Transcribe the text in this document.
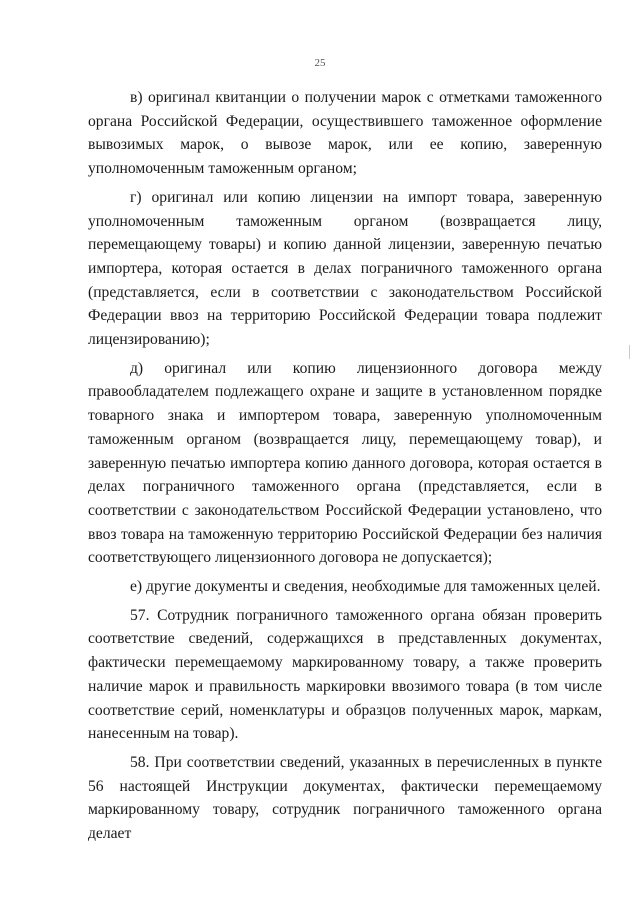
25

в) оригинал квитанции о получении марок с отметками таможенного органа Российской Федерации, осуществившего таможенное оформление вывозимых марок, о вывозе марок, или ее копию, заверенную уполномоченным таможенным органом;

г) оригинал или копию лицензии на импорт товара, заверенную уполномоченным таможенным органом (возвращается лицу, перемещающему товары) и копию данной лицензии, заверенную печатью импортера, которая остается в делах пограничного таможенного органа (представляется, если в соответствии с законодательством Российской Федерации ввоз на территорию Российской Федерации товара подлежит лицензированию);

д) оригинал или копию лицензионного договора между правообладателем подлежащего охране и защите в установленном порядке товарного знака и импортером товара, заверенную уполномоченным таможенным органом (возвращается лицу, перемещающему товар), и заверенную печатью импортера копию данного договора, которая остается в делах пограничного таможенного органа (представляется, если в соответствии с законодательством Российской Федерации установлено, что ввоз товара на таможенную территорию Российской Федерации без наличия соответствующего лицензионного договора не допускается);

е) другие документы и сведения, необходимые для таможенных целей.

57. Сотрудник пограничного таможенного органа обязан проверить соответствие сведений, содержащихся в представленных документах, фактически перемещаемому маркированному товару, а также проверить наличие марок и правильность маркировки ввозимого товара (в том числе соответствие серий, номенклатуры и образцов полученных марок, маркам, нанесенным на товар).

58. При соответствии сведений, указанных в перечисленных в пункте 56 настоящей Инструкции документах, фактически перемещаемому маркированному товару, сотрудник пограничного таможенного органа делает
